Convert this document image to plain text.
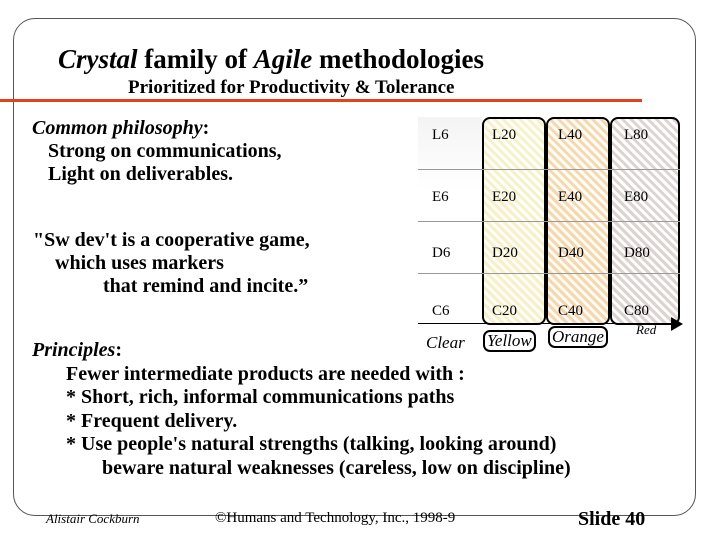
Crystal family of Agile methodologies
Prioritized for Productivity & Tolerance
Common philosophy:
Strong on communications,
Light on deliverables.
"Sw dev't is a cooperative game,
which uses markers
that remind and incite.”
L6	L20	L40	L80
E6	E20	E40	E80
D6	D20	D40	D80
C6	C20	C40	C80
Clear Yellow Orange	Red
Principles:
Fewer intermediate products are needed with :
* Short, rich, informal communications paths
* Frequent delivery.
* Use people's natural strengths (talking, looking around)
beware natural weaknesses (careless, low on discipline)
Alistair Cockburn	©Humans and Technology, Inc., 1998-9	Slide 40
